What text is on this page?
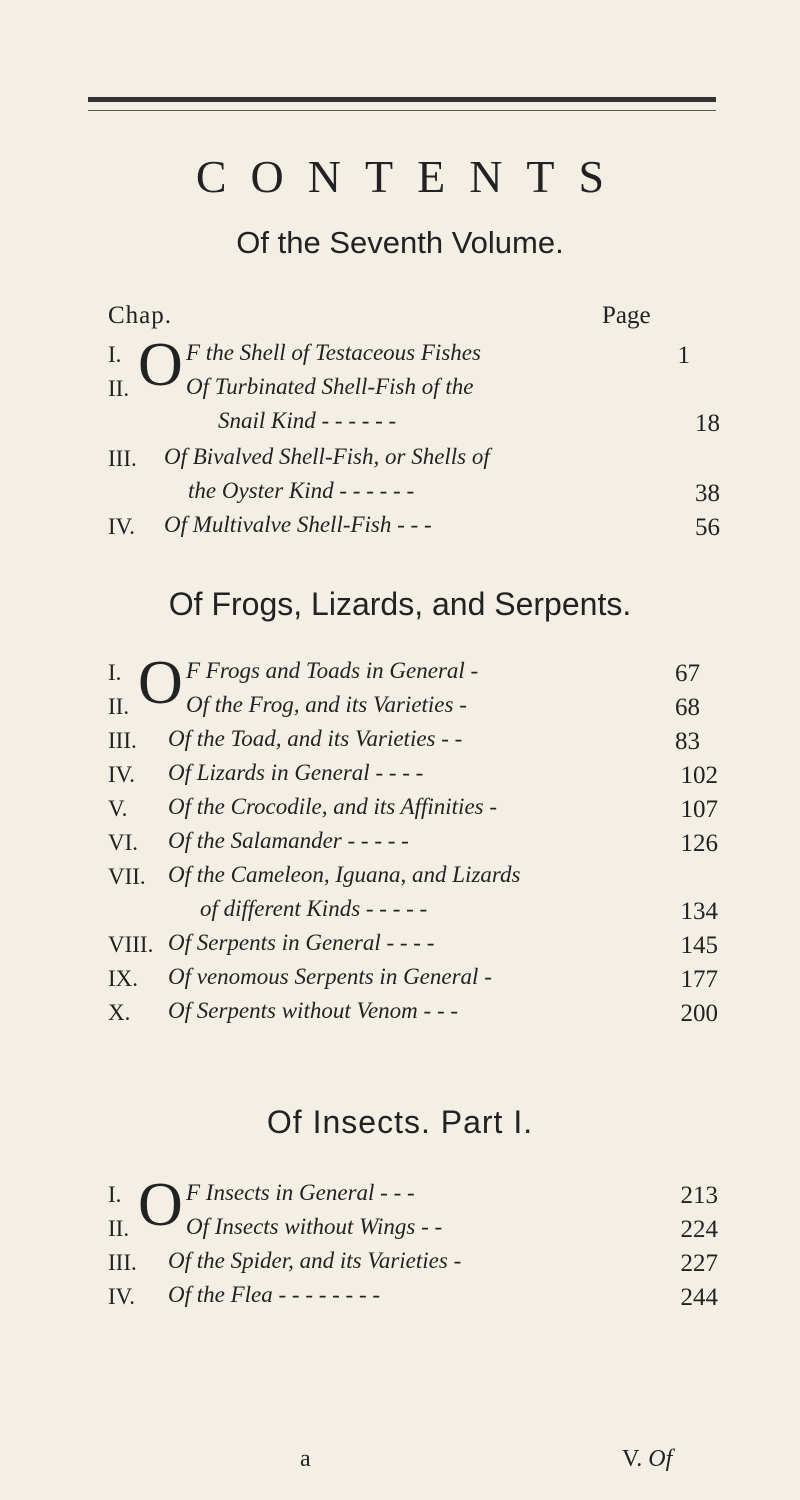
CONTENTS
Of the Seventh Volume.
Chap.	Page
O
I.	F the Shell of Testaceous Fishes	1
II. Of Turbinated Shell-Fish of the
Snail Kind - - - - - -	18
III. Of Bivalved Shell-Fish, or Shells of
the Oyster Kind - - - - - -	38
IV. Of Multivalve Shell-Fish - - -	56
Of Frogs, Lizards, and Serpents.
O
I.	F Frogs and Toads in General -	67
II. Of the Frog, and its Varieties -	68
III. Of the Toad, and its Varieties - -	83
IV. Of Lizards in General - - - -	102
V. Of the Crocodile, and its Affinities -	107
VI. Of the Salamander - - - - -	126
VII. Of the Cameleon, Iguana, and Lizards
of different Kinds - - - - -	134
VIII. Of Serpents in General - - - -	145
IX. Of venomous Serpents in General -	177
X. Of Serpents without Venom - - -	200
Of Insects. Part I.
O
I.	F Insects in General - - -	213
II. Of Insects without Wings - -	224
III. Of the Spider, and its Varieties -	227
IV. Of the Flea - - - - - - - -	244
a	V. Of
